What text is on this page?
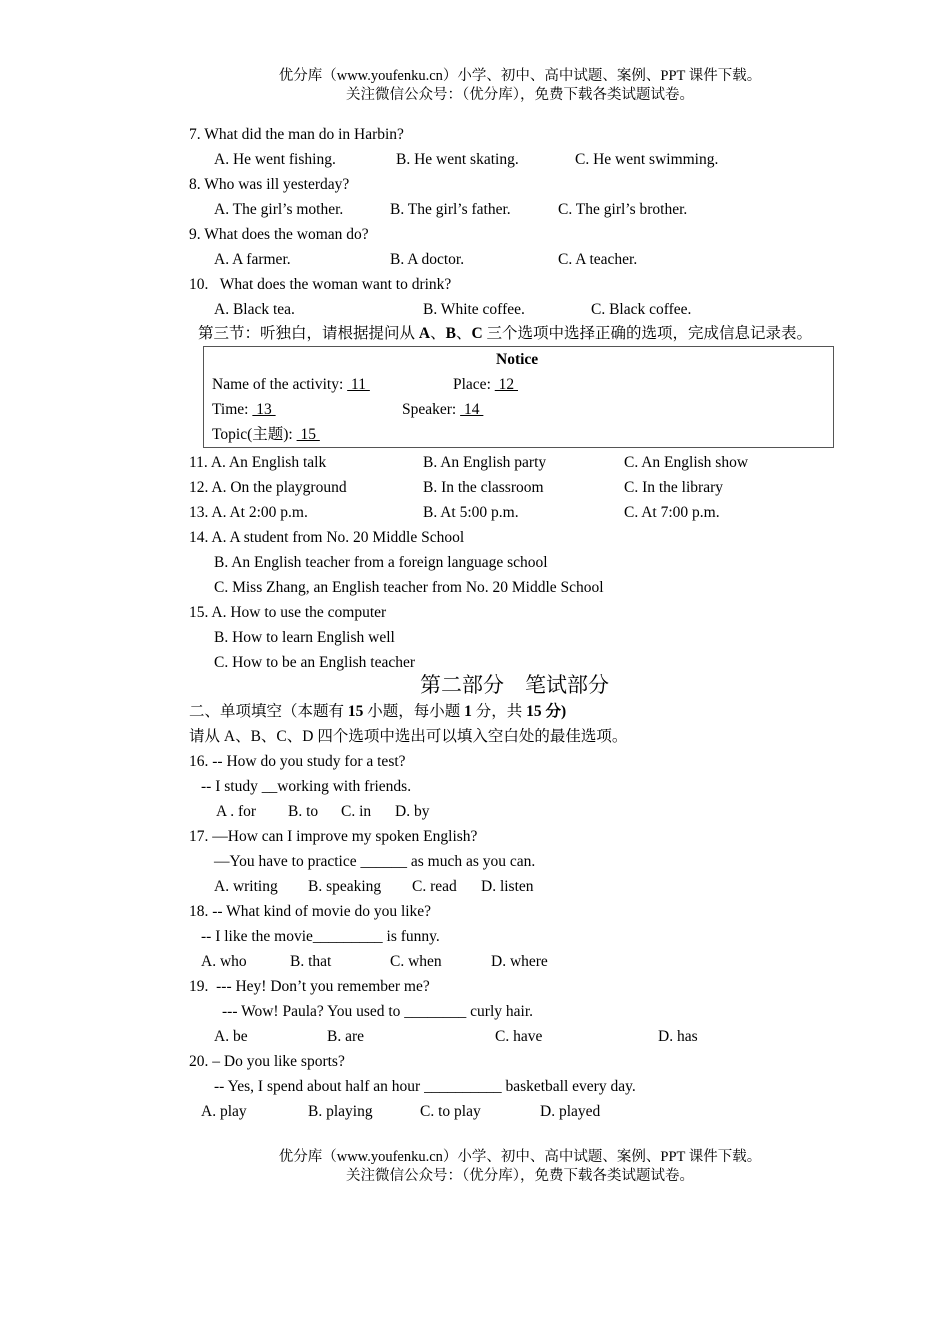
优分库（www.youfenku.cn）小学、初中、高中试题、案例、PPT 课件下载。
关注微信公众号：（优分库），免费下载各类试题试卷。
7. What did the man do in Harbin?
A. He went fishing.	B. He went skating.	C. He went swimming.
8. Who was ill yesterday?
A. The girl’s mother.	B. The girl’s father.	C. The girl’s brother.
9. What does the woman do?
A. A farmer.	B. A doctor.	C. A teacher.
10.   What does the woman want to drink?
A. Black tea.	B. White coffee.	C. Black coffee.
第三节：听独白，请根据提问从 A、B、C 三个选项中选择正确的选项，完成信息记录表。
Notice
Name of the activity:  11	Place:  12
Time:  13	Speaker:  14
Topic(主题):  15
11. A. An English talk	B. An English party	C. An English show
12. A. On the playground	B. In the classroom	C. In the library
13. A. At 2:00 p.m.	B. At 5:00 p.m.	C. At 7:00 p.m.
14. A. A student from No. 20 Middle School
B. An English teacher from a foreign language school
C. Miss Zhang, an English teacher from No. 20 Middle School
15. A. How to use the computer
B. How to learn English well
C. How to be an English teacher
第二部分    笔试部分
二、单项填空（本题有 15 小题，每小题 1 分，共 15 分)
请从 A、B、C、D 四个选项中选出可以填入空白处的最佳选项。
16. -- How do you study for a test?
-- I study __working with friends.
A . for B. to C. in D. by
17. —How can I improve my spoken English?
—You have to practice ______ as much as you can.
A. writing B. speaking C. read D. listen
18. -- What kind of movie do you like?
-- I like the movie_________ is funny.
A. who	B. that	C. when	D. where
19.  --- Hey! Don’t you remember me?
--- Wow! Paula? You used to ________ curly hair.
A. be	B. are	C. have	D. has
20. – Do you like sports?
-- Yes, I spend about half an hour __________ basketball every day.
A. play	B. playing	C. to play	D. played
优分库（www.youfenku.cn）小学、初中、高中试题、案例、PPT 课件下载。
关注微信公众号：（优分库），免费下载各类试题试卷。
